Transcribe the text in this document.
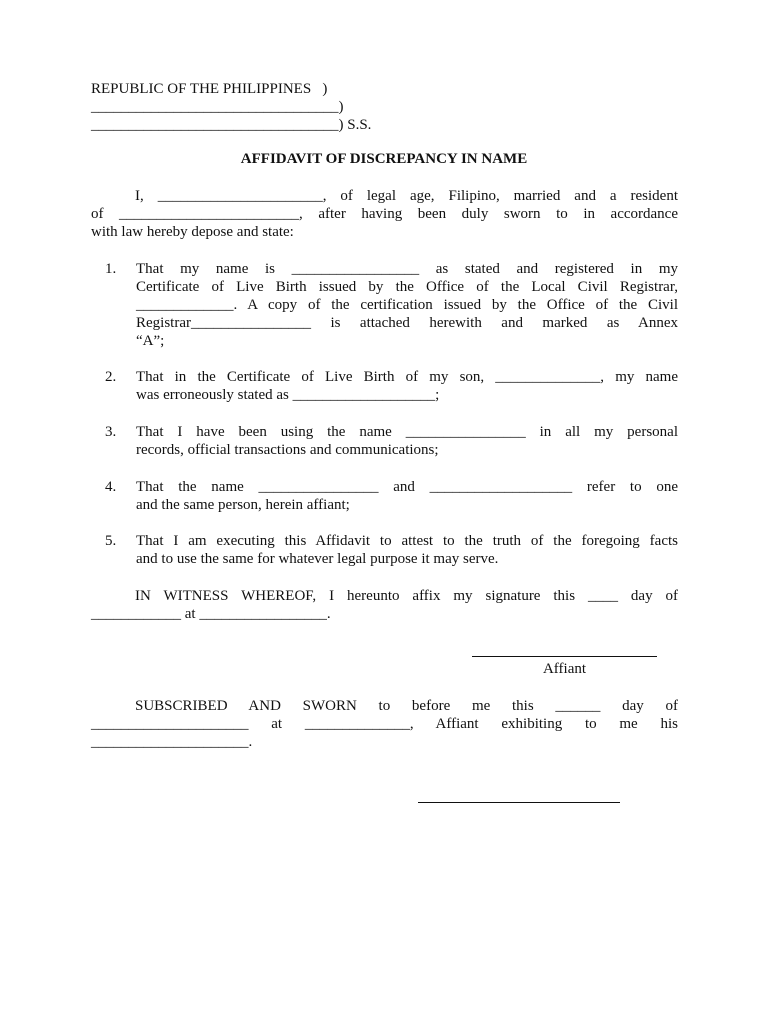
REPUBLIC OF THE PHILIPPINES   )
_________________________________)
_________________________________) S.S.
AFFIDAVIT OF DISCREPANCY IN NAME
I, ______________________, of legal age, Filipino, married and a resident
of ________________________, after having been duly sworn to in accordance
with law hereby depose and state:
1.	That my name is _________________ as stated and registered in my
Certificate of Live Birth issued by the Office of the Local Civil Registrar,
_____________. A copy of the certification issued by the Office of the Civil
Registrar________________ is attached herewith and marked as Annex
“A”;
2.	That in the Certificate of Live Birth of my son, ______________, my name
was erroneously stated as ___________________;
3.	That I have been using the name ________________ in all my personal
records, official transactions and communications;
4.	That the name ________________ and ___________________ refer to one
and the same person, herein affiant;
5.	That I am executing this Affidavit to attest to the truth of the foregoing facts
and to use the same for whatever legal purpose it may serve.
IN WITNESS WHEREOF, I hereunto affix my signature this ____ day of
____________ at _________________.
Affiant
SUBSCRIBED AND SWORN to before me this ______ day of
_____________________ at ______________, Affiant exhibiting to me his
_____________________.
